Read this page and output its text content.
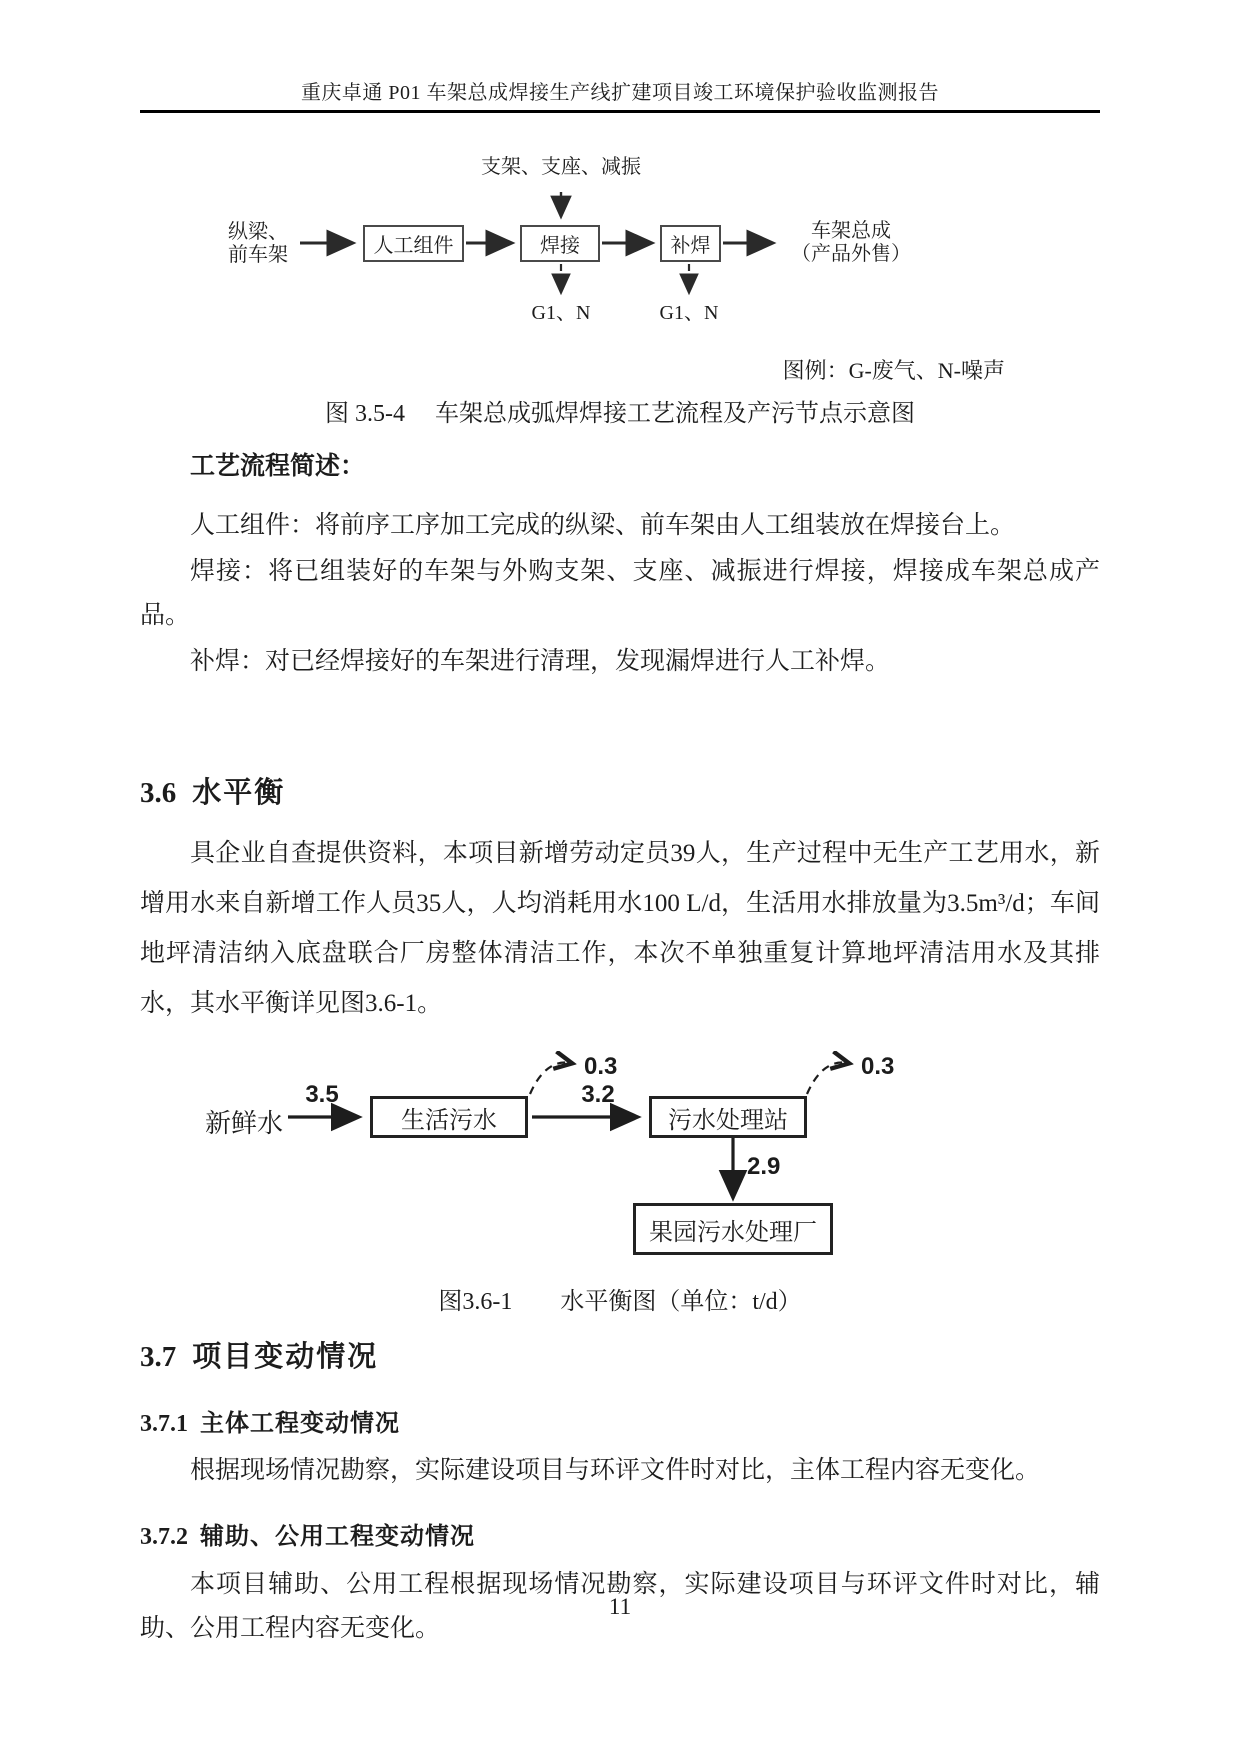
重庆卓通 P01 车架总成焊接生产线扩建项目竣工环境保护验收监测报告
支架、支座、减振
纵梁、
前车架	人工组件	焊接	补焊
车架总成
（产品外售）
G1、N	G1、N
图例：G-废气、N-噪声
图 3.5-4　 车架总成弧焊焊接工艺流程及产污节点示意图
工艺流程简述：

人工组件：将前序工序加工完成的纵梁、前车架由人工组装放在焊接台上。

焊接：将已组装好的车架与外购支架、支座、减振进行焊接，焊接成车架总成产品。

补焊：对已经焊接好的车架进行清理，发现漏焊进行人工补焊。

3.6 水平衡

具企业自查提供资料，本项目新增劳动定员39人，生产过程中无生产工艺用水，新增用水来自新增工作人员35人，人均消耗用水100 L/d，生活用水排放量为3.5m³/d；车间地坪清洁纳入底盘联合厂房整体清洁工作，本次不单独重复计算地坪清洁用水及其排水，其水平衡详见图3.6-1。

新鲜水
3.5
生活污水
0.3
3.2
污水处理站
0.3
2.9
果园污水处理厂
图3.6-1　　水平衡图（单位：t/d）
3.7 项目变动情况
3.7.1 主体工程变动情况

根据现场情况勘察，实际建设项目与环评文件时对比，主体工程内容无变化。

3.7.2 辅助、公用工程变动情况

本项目辅助、公用工程根据现场情况勘察，实际建设项目与环评文件时对比，辅助、公用工程内容无变化。

11
